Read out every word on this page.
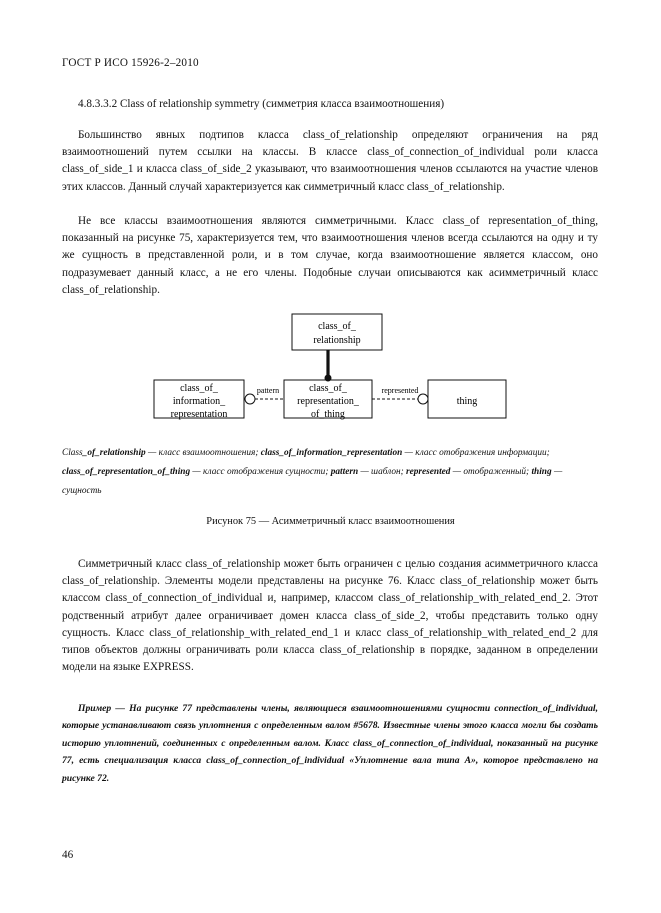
ГОСТ Р ИСО 15926-2–2010
4.8.3.3.2 Class of relationship symmetry (симметрия класса взаимоотношения)

Большинство явных подтипов класса class_of_relationship определяют ограничения на ряд взаимоотношений путем ссылки на классы. В классе class_of_connection_of_individual роли класса class_of_side_1 и класса class_of_side_2 указывают, что взаимоотношения членов ссылаются на участие членов этих классов. Данный случай характеризуется как симметричный класс class_of_relationship.

Не все классы взаимоотношения являются симметричными. Класс class_of representation_of_thing, показанный на рисунке 75, характеризуется тем, что взаимоотношения членов всегда ссылаются на одну и ту же сущность в представленной роли, и в том случае, когда взаимоотношение является классом, оно подразумевает данный класс, а не его члены. Подобные случаи описываются как асимметричный класс class_of_relationship.

class_of_
relationship
class_of_
information_
representation
class_of_
representation_
of_thing
pattern
thing
represented

Class_of_relationship — класс взаимоотношения; class_of_information_representation — класс отображения информации; class_of_representation_of_thing — класс отображения сущности; pattern — шаблон; represented — отображенный; thing — сущность

Рисунок 75 — Асимметричный класс взаимоотношения

Симметричный класс class_of_relationship может быть ограничен с целью создания асимметричного класса class_of_relationship. Элементы модели представлены на рисунке 76. Класс class_of_relationship может быть классом class_of_connection_of_individual и, например, классом class_of_relationship_with_related_end_2. Этот родственный атрибут далее ограничивает домен класса class_of_side_2, чтобы представить только одну сущность. Класс class_of_relationship_with_related_end_1 и класс class_of_relationship_with_related_end_2 для типов объектов должны ограничивать роли класса class_of_relationship в порядке, заданном в определении модели на языке EXPRESS.

Пример — На рисунке 77 представлены члены, являющиеся взаимоотношениями сущности connection_of_individual, которые устанавливают связь уплотнения с определенным валом #5678. Известные члены этого класса могли бы создать историю уплотнений, соединенных с определенным валом. Класс class_of_connection_of_individual, показанный на рисунке 77, есть специализация класса class_of_connection_of_individual «Уплотнение вала типа А», которое представлено на рисунке 72.

46
